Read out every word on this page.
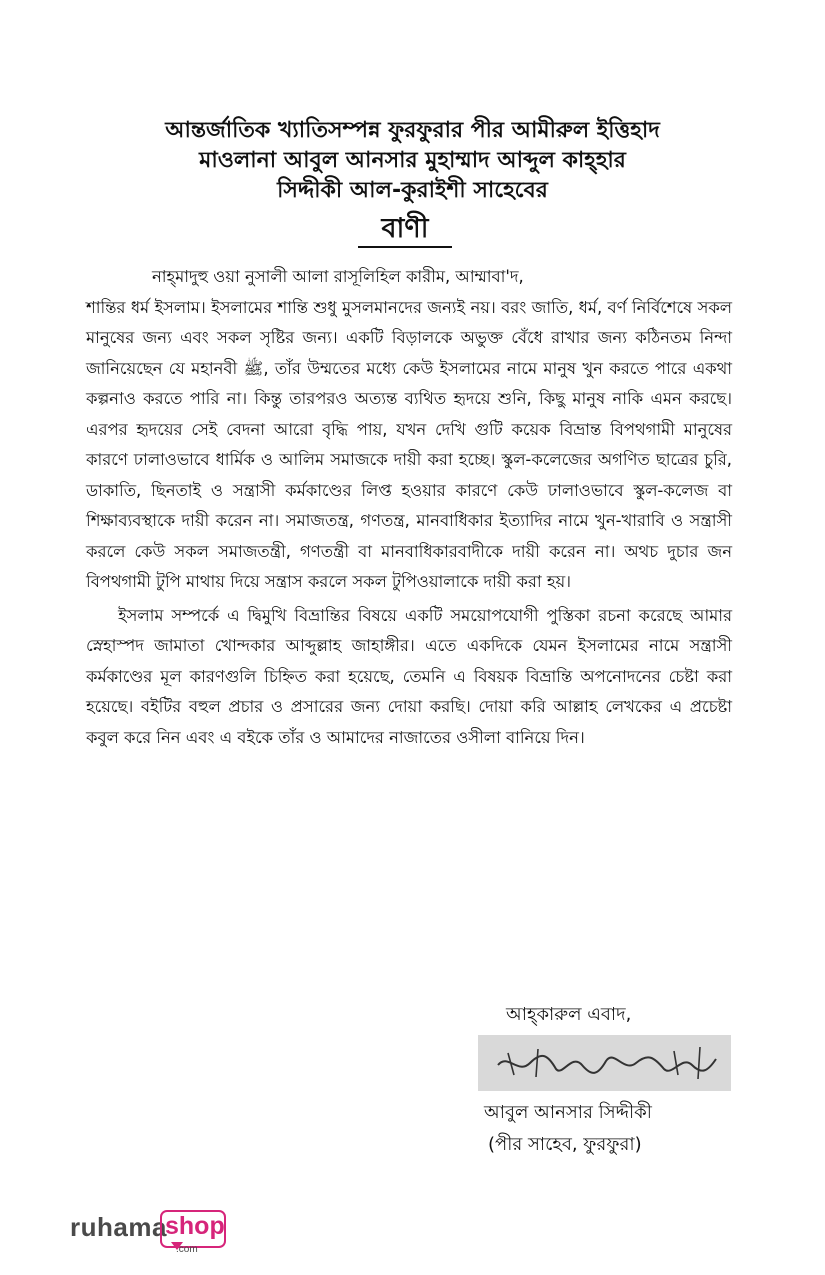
আন্তর্জাতিক খ্যাতিসম্পন্ন ফুরফুরার পীর আমীরুল ইত্তিহাদ
মাওলানা আবুল আনসার মুহাম্মাদ আব্দুল কাহ্‌হার
সিদ্দীকী আল-কুরাইশী সাহেবের
বাণী

নাহ্‌মাদুহু ওয়া নুসালী আলা রাসূলিহিল কারীম, আম্মাবা'দ,
শান্তির ধর্ম ইসলাম। ইসলামের শান্তি শুধু মুসলমানদের জন্যই নয়। বরং জাতি, ধর্ম, বর্ণ নির্বিশেষে সকল মানুষের জন্য এবং সকল সৃষ্টির জন্য। একটি বিড়ালকে অভুক্ত বেঁধে রাখার জন্য কঠিনতম নিন্দা জানিয়েছেন যে মহানবী ﷺ, তাঁর উম্মতের মধ্যে কেউ ইসলামের নামে মানুষ খুন করতে পারে একথা কল্পনাও করতে পারি না। কিন্তু তারপরও অত্যন্ত ব্যথিত হৃদয়ে শুনি, কিছু মানুষ নাকি এমন করছে। এরপর হৃদয়ের সেই বেদনা আরো বৃদ্ধি পায়, যখন দেখি গুটি কয়েক বিভ্রান্ত বিপথগামী মানুষের কারণে ঢালাওভাবে ধার্মিক ও আলিম সমাজকে দায়ী করা হচ্ছে। স্কুল-কলেজের অগণিত ছাত্রের চুরি, ডাকাতি, ছিনতাই ও সন্ত্রাসী কর্মকাণ্ডের লিপ্ত হওয়ার কারণে কেউ ঢালাওভাবে স্কুল-কলেজ বা শিক্ষাব্যবস্থাকে দায়ী করেন না। সমাজতন্ত্র, গণতন্ত্র, মানবাধিকার ইত্যাদির নামে খুন-খারাবি ও সন্ত্রাসী করলে কেউ সকল সমাজতন্ত্রী, গণতন্ত্রী বা মানবাধিকারবাদীকে দায়ী করেন না। অথচ দুচার জন বিপথগামী টুপি মাথায় দিয়ে সন্ত্রাস করলে সকল টুপিওয়ালাকে দায়ী করা হয়।

ইসলাম সম্পর্কে এ দ্বিমুখি বিভ্রান্তির বিষয়ে একটি সময়োপযোগী পুস্তিকা রচনা করেছে আমার স্নেহাস্পদ জামাতা খোন্দকার আব্দুল্লাহ জাহাঙ্গীর। এতে একদিকে যেমন ইসলামের নামে সন্ত্রাসী কর্মকাণ্ডের মূল কারণগুলি চিহ্নিত করা হয়েছে, তেমনি এ বিষয়ক বিভ্রান্তি অপনোদনের চেষ্টা করা হয়েছে। বইটির বহুল প্রচার ও প্রসারের জন্য দোয়া করছি। দোয়া করি আল্লাহ লেখকের এ প্রচেষ্টা কবুল করে নিন এবং এ বইকে তাঁর ও আমাদের নাজাতের ওসীলা বানিয়ে দিন।

আহ্‌কারুল এবাদ,
আবুল আনসার সিদ্দীকী
(পীর সাহেব, ফুরফুরা)
ruhama
shop
.com
